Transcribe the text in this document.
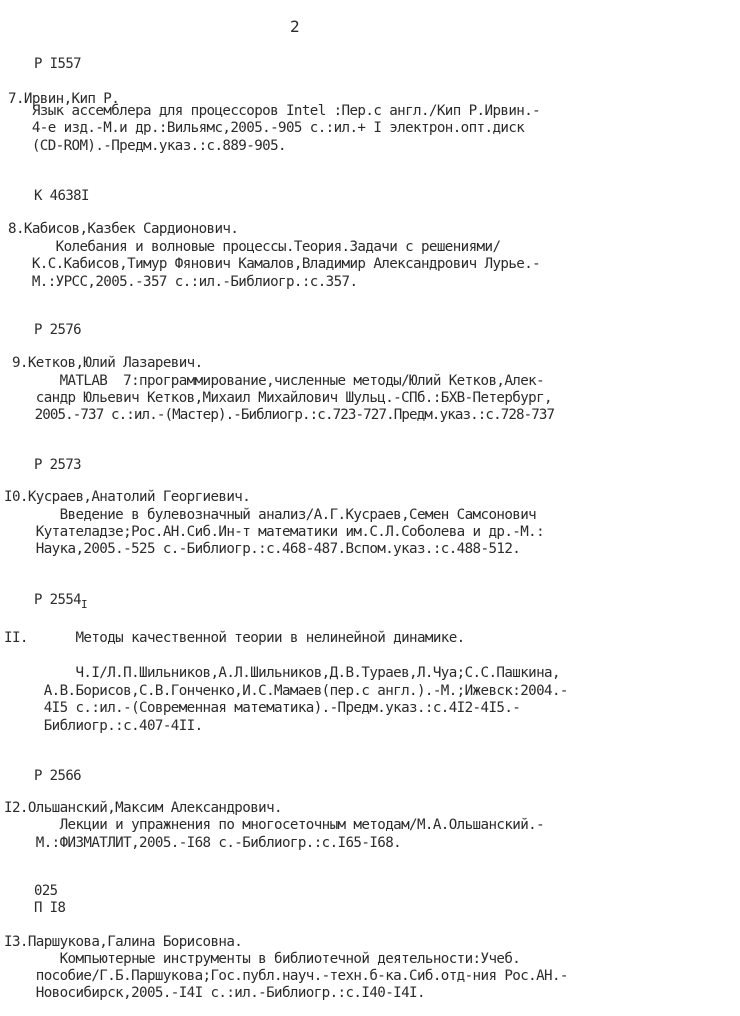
2
Р I557
7.Ирвин,Кип Р.
Язык ассемблера для процессоров Intel :Пер.с англ./Кип Р.Ирвин.-
4-е изд.-М.и др.:Вильямс,2005.-905 с.:ил.+ I электрон.опт.диск
(CD-ROM).-Предм.указ.:с.889-905.
К 4638I
8.Кабисов,Казбек Сардионович.
Колебания и волновые процессы.Теория.Задачи с решениями/
К.С.Кабисов,Тимур Фянович Камалов,Владимир Александрович Лурье.-
М.:УРСС,2005.-357 с.:ил.-Библиогр.:с.357.
Р 2576
9.Кетков,Юлий Лазаревич.
MATLAB  7:программирование,численные методы/Юлий Кетков,Алек-
сандр Юльевич Кетков,Михаил Михайлович Шульц.-СПб.:БХВ-Петербург,
2005.-737 с.:ил.-(Мастер).-Библиогр.:с.723-727.Предм.указ.:с.728-737
Р 2573
I0.Кусраев,Анатолий Георгиевич.
Введение в булевозначный анализ/А.Г.Кусраев,Семен Самсонович
Кутателадзе;Рос.АН.Сиб.Ин-т математики им.С.Л.Соболева и др.-М.:
Наука,2005.-525 с.-Библиогр.:с.468-487.Вспом.указ.:с.488-512.
Р $2554_I$
II.      Методы качественной теории в нелинейной динамике.
Ч.I/Л.П.Шильников,А.Л.Шильников,Д.В.Тураев,Л.Чуа;С.С.Пашкина,
А.В.Борисов,С.В.Гонченко,И.С.Мамаев(пер.с англ.).-М.;Ижевск:2004.-
4I5 с.:ил.-(Современная математика).-Предм.указ.:с.4I2-4I5.-
Библиогр.:с.407-4II.
Р 2566
I2.Ольшанский,Максим Александрович.
Лекции и упражнения по многосеточным методам/М.А.Ольшанский.-
М.:ФИЗМАТЛИТ,2005.-I68 с.-Библиогр.:с.I65-I68.
025
П I8
I3.Паршукова,Галина Борисовна.
Компьютерные инструменты в библиотечной деятельности:Учеб.
пособие/Г.Б.Паршукова;Гос.публ.науч.-техн.б-ка.Сиб.отд-ния Рос.АН.-
Новосибирск,2005.-I4I с.:ил.-Библиогр.:с.I40-I4I.
